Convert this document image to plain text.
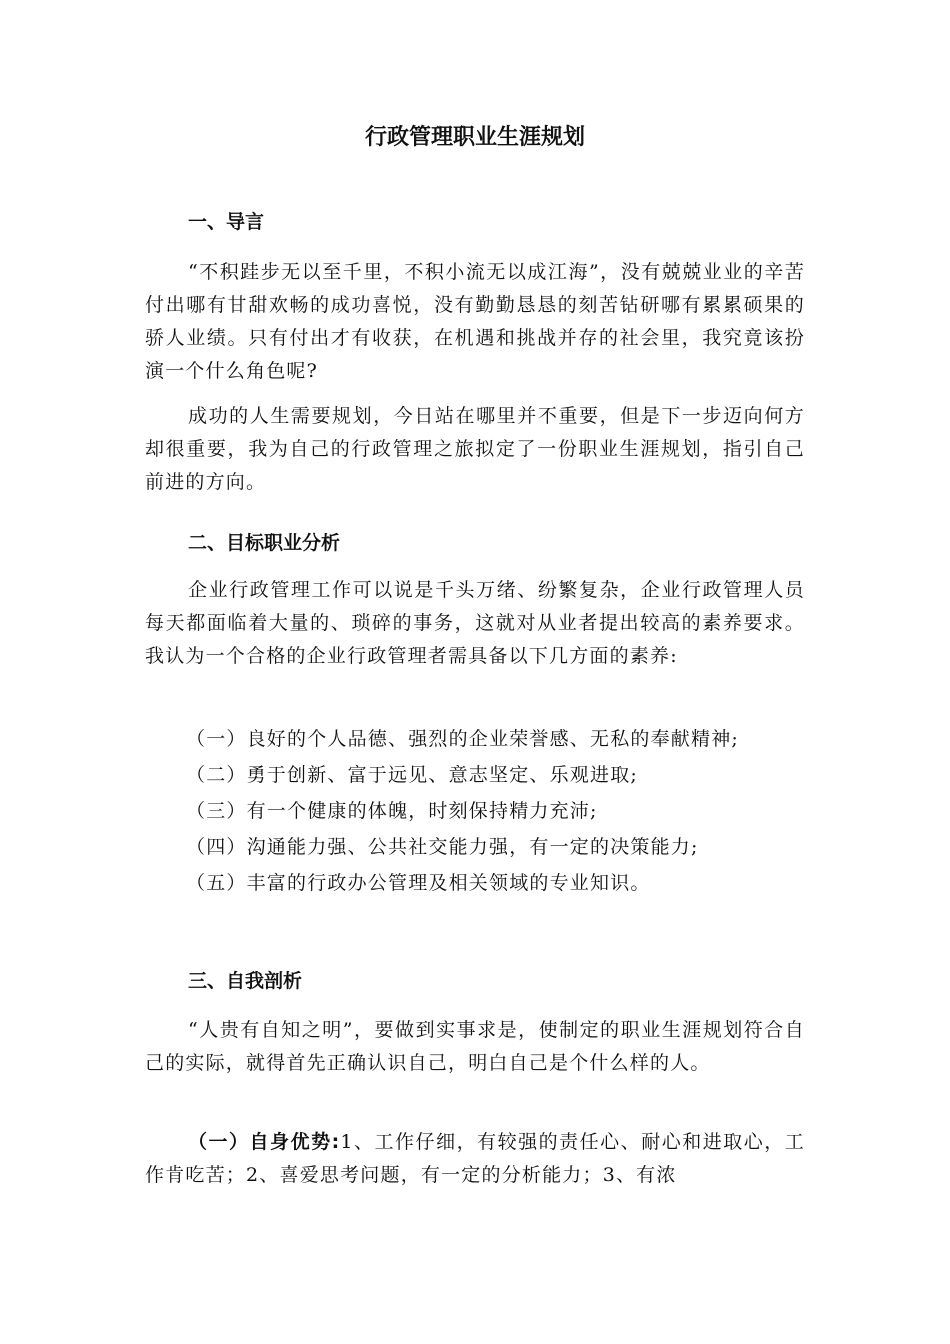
行政管理职业生涯规划
一、导言
“不积跬步无以至千里，不积小流无以成江海”，没有兢兢业业的辛苦付出哪有甘甜欢畅的成功喜悦，没有勤勤恳恳的刻苦钻研哪有累累硕果的骄人业绩。只有付出才有收获，在机遇和挑战并存的社会里，我究竟该扮演一个什么角色呢?
成功的人生需要规划，今日站在哪里并不重要，但是下一步迈向何方却很重要，我为自己的行政管理之旅拟定了一份职业生涯规划，指引自己前进的方向。
二、目标职业分析
企业行政管理工作可以说是千头万绪、纷繁复杂，企业行政管理人员每天都面临着大量的、琐碎的事务，这就对从业者提出较高的素养要求。我认为一个合格的企业行政管理者需具备以下几方面的素养:
（一）良好的个人品德、强烈的企业荣誉感、无私的奉献精神;
（二）勇于创新、富于远见、意志坚定、乐观进取;
（三）有一个健康的体魄，时刻保持精力充沛;
（四）沟通能力强、公共社交能力强，有一定的决策能力;
（五）丰富的行政办公管理及相关领域的专业知识。
三、自我剖析
“人贵有自知之明”，要做到实事求是，使制定的职业生涯规划符合自己的实际，就得首先正确认识自己，明白自己是个什么样的人。
（一）自身优势:1、工作仔细，有较强的责任心、耐心和进取心，工作肯吃苦；2、喜爱思考问题，有一定的分析能力；3、有浓
